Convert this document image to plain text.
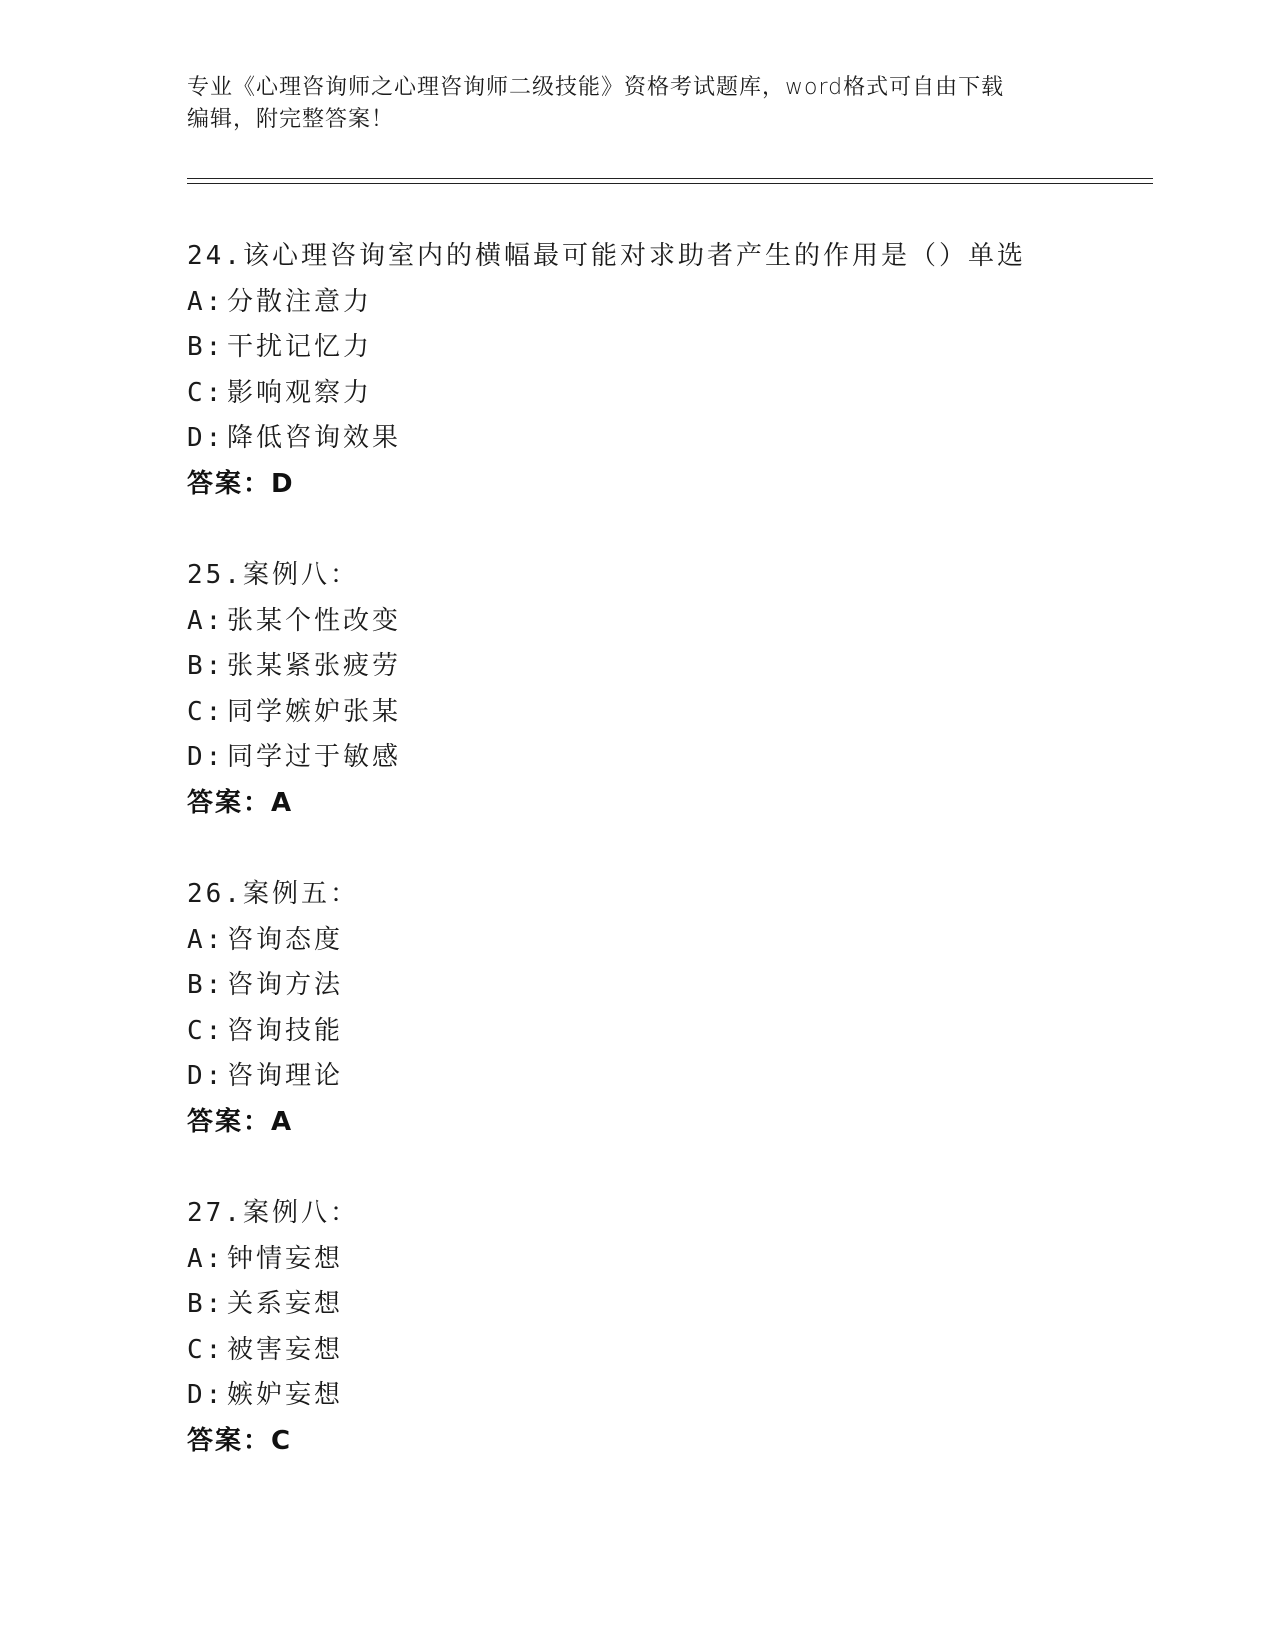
专业《心理咨询师之心理咨询师二级技能》资格考试题库，word格式可自由下载
编辑，附完整答案！
24.该心理咨询室内的横幅最可能对求助者产生的作用是（）单选
A: 分散注意力
B: 干扰记忆力
C: 影响观察力
D: 降低咨询效果
答案：D
25.案例八：
A: 张某个性改变
B: 张某紧张疲劳
C: 同学嫉妒张某
D: 同学过于敏感
答案：A
26.案例五：
A: 咨询态度
B: 咨询方法
C: 咨询技能
D: 咨询理论
答案：A
27.案例八：
A: 钟情妄想
B: 关系妄想
C: 被害妄想
D: 嫉妒妄想
答案：C
